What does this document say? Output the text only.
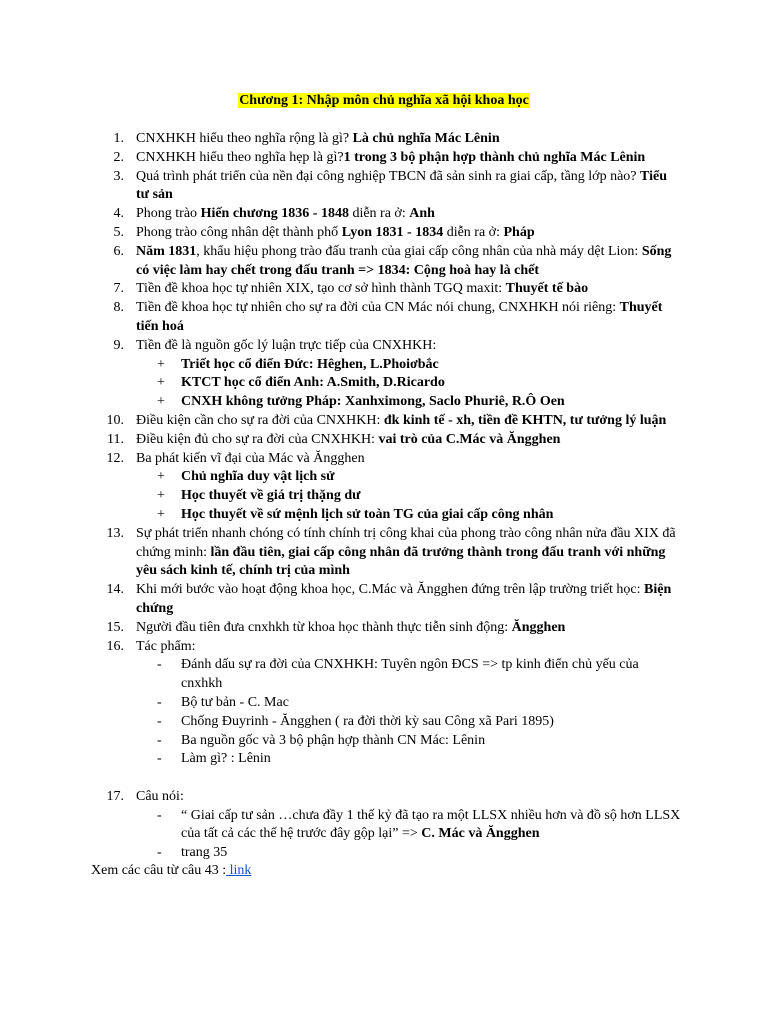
Chương 1: Nhập môn chủ nghĩa xã hội khoa học
1. CNXHKH hiểu theo nghĩa rộng là gì? Là chủ nghĩa Mác Lênin
2. CNXHKH hiểu theo nghĩa hẹp là gì?1 trong 3 bộ phận hợp thành chủ nghĩa Mác Lênin
3. Quá trình phát triển của nền đại công nghiệp TBCN đã sản sinh ra giai cấp, tầng lớp nào? Tiểu tư sản
4. Phong trào Hiến chương 1836 - 1848 diễn ra ở: Anh
5. Phong trào công nhân dệt thành phố Lyon 1831 - 1834 diễn ra ở: Pháp
6. Năm 1831, khẩu hiệu phong trào đấu tranh của giai cấp công nhân của nhà máy dệt Lion: Sống có việc làm hay chết trong đấu tranh => 1834: Cộng hoà hay là chết
7. Tiền đề khoa học tự nhiên XIX, tạo cơ sở hình thành TGQ maxit: Thuyết tế bào
8. Tiền đề khoa học tự nhiên cho sự ra đời của CN Mác nói chung, CNXHKH nói riêng: Thuyết tiến hoá
9. Tiền đề là nguồn gốc lý luận trực tiếp của CNXHKH:
+ Triết học cổ điển Đức: Hêghen, L.Phoiơbắc
+ KTCT học cổ điển Anh: A.Smith, D.Ricardo
+ CNXH không tưởng Pháp: Xanhximong, Saclo Phuriê, R.Ô Oen
10. Điều kiện cần cho sự ra đời của CNXHKH: đk kinh tế - xh, tiền đề KHTN, tư tưởng lý luận
11. Điều kiện đủ cho sự ra đời của CNXHKH: vai trò của C.Mác và Ăngghen
12. Ba phát kiến vĩ đại của Mác và Ăngghen
+ Chủ nghĩa duy vật lịch sử
+ Học thuyết về giá trị thặng dư
+ Học thuyết về sứ mệnh lịch sử toàn TG của giai cấp công nhân
13. Sự phát triển nhanh chóng có tính chính trị công khai của phong trào công nhân nửa đầu XIX đã chứng minh: lần đầu tiên, giai cấp công nhân đã trưởng thành trong đấu tranh với những yêu sách kinh tế, chính trị của mình
14. Khi mới bước vào hoạt động khoa học, C.Mác và Ăngghen đứng trên lập trường triết học: Biện chứng
15. Người đầu tiên đưa cnxhkh từ khoa học thành thực tiễn sinh động: Ăngghen
16. Tác phẩm:
- Đánh dấu sự ra đời của CNXHKH: Tuyên ngôn ĐCS => tp kinh điển chủ yếu của cnxhkh
- Bộ tư bản - C. Mac
- Chống Đuyrinh - Ăngghen ( ra đời thời kỳ sau Công xã Pari 1895)
- Ba nguồn gốc và 3 bộ phận hợp thành CN Mác: Lênin
- Làm gì? : Lênin
17. Câu nói:
- “ Giai cấp tư sản …chưa đầy 1 thế kỷ đã tạo ra một LLSX nhiều hơn và đồ sộ hơn LLSX của tất cả các thế hệ trước đây gộp lại” => C. Mác và Ăngghen
- trang 35
Xem các câu từ câu 43 : link
